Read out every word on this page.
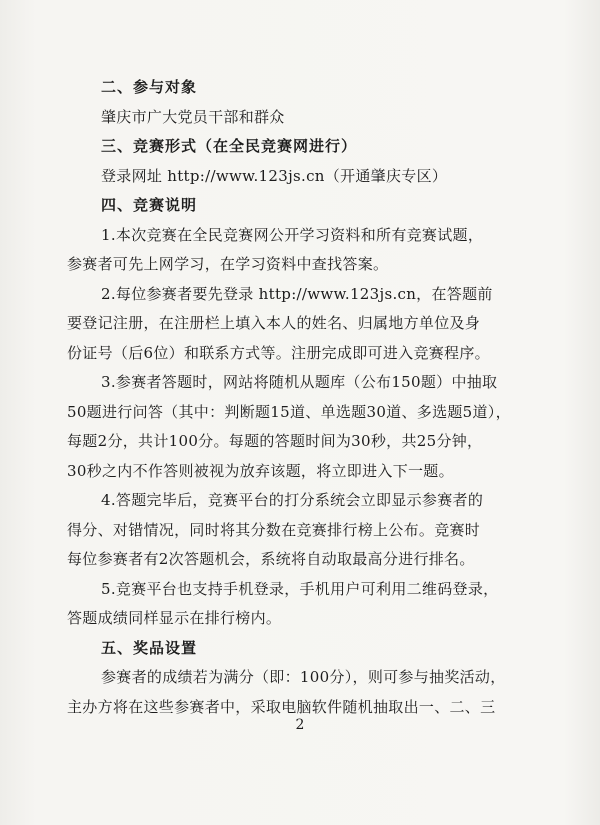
二、参与对象
肇庆市广大党员干部和群众
三、竞赛形式（在全民竞赛网进行）
登录网址 http://www.123js.cn（开通肇庆专区）
四、竞赛说明
1.本次竞赛在全民竞赛网公开学习资料和所有竞赛试题，
参赛者可先上网学习，在学习资料中查找答案。
2.每位参赛者要先登录 http://www.123js.cn，在答题前
要登记注册，在注册栏上填入本人的姓名、归属地方单位及身
份证号（后6位）和联系方式等。注册完成即可进入竞赛程序。
3.参赛者答题时，网站将随机从题库（公布150题）中抽取
50题进行问答（其中：判断题15道、单选题30道、多选题5道），
每题2分，共计100分。每题的答题时间为30秒，共25分钟，
30秒之内不作答则被视为放弃该题，将立即进入下一题。
4.答题完毕后，竞赛平台的打分系统会立即显示参赛者的
得分、对错情况，同时将其分数在竞赛排行榜上公布。竞赛时
每位参赛者有2次答题机会，系统将自动取最高分进行排名。
5.竞赛平台也支持手机登录，手机用户可利用二维码登录，
答题成绩同样显示在排行榜内。
五、奖品设置
参赛者的成绩若为满分（即：100分），则可参与抽奖活动，
主办方将在这些参赛者中，采取电脑软件随机抽取出一、二、三
2
